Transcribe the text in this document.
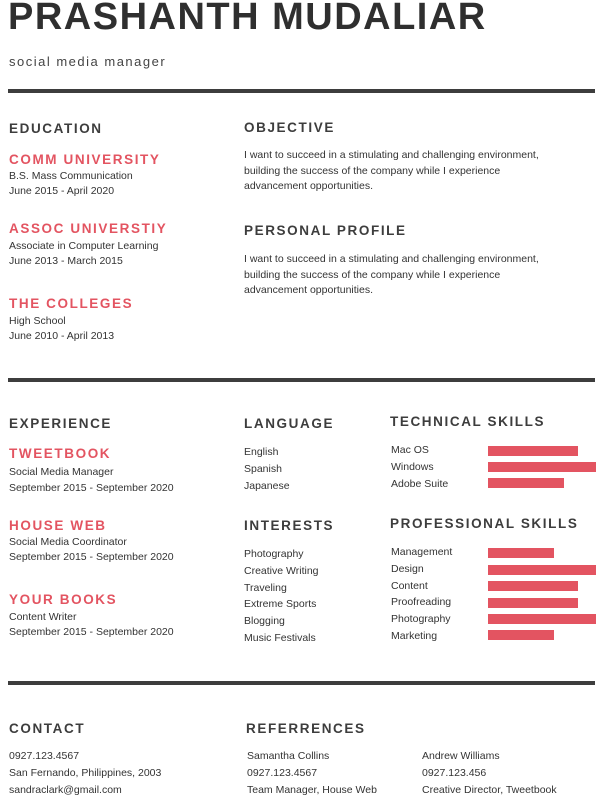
PRASHANTH MUDALIAR
social media manager
EDUCATION
COMM UNIVERSITY
B.S. Mass Communication
June 2015 - April 2020
ASSOC UNIVERSTIY
Associate in Computer Learning
June 2013 - March 2015
THE COLLEGES
High School
June 2010 - April 2013
OBJECTIVE
I want to succeed in a stimulating and challenging environment,
building the success of the company while I experience
advancement opportunities.
PERSONAL PROFILE
I want to succeed in a stimulating and challenging environment,
building the success of the company while I experience
advancement opportunities.
EXPERIENCE
TWEETBOOK
Social Media Manager
September 2015 - September 2020
HOUSE WEB
Social Media Coordinator
September 2015 - September 2020
YOUR BOOKS
Content Writer
September 2015 - September 2020
LANGUAGE
English
Spanish
Japanese
INTERESTS
Photography
Creative Writing
Traveling
Extreme Sports
Blogging
Music Festivals
TECHNICAL SKILLS
Mac OS
Windows
Adobe Suite
PROFESSIONAL SKILLS
Management
Design
Content
Proofreading
Photography
Marketing
CONTACT
0927.123.4567
San Fernando, Philippines, 2003
sandraclark@gmail.com
REFERRENCES
Samantha Collins
0927.123.4567
Team Manager, House Web
Andrew Williams
0927.123.456
Creative Director, Tweetbook
